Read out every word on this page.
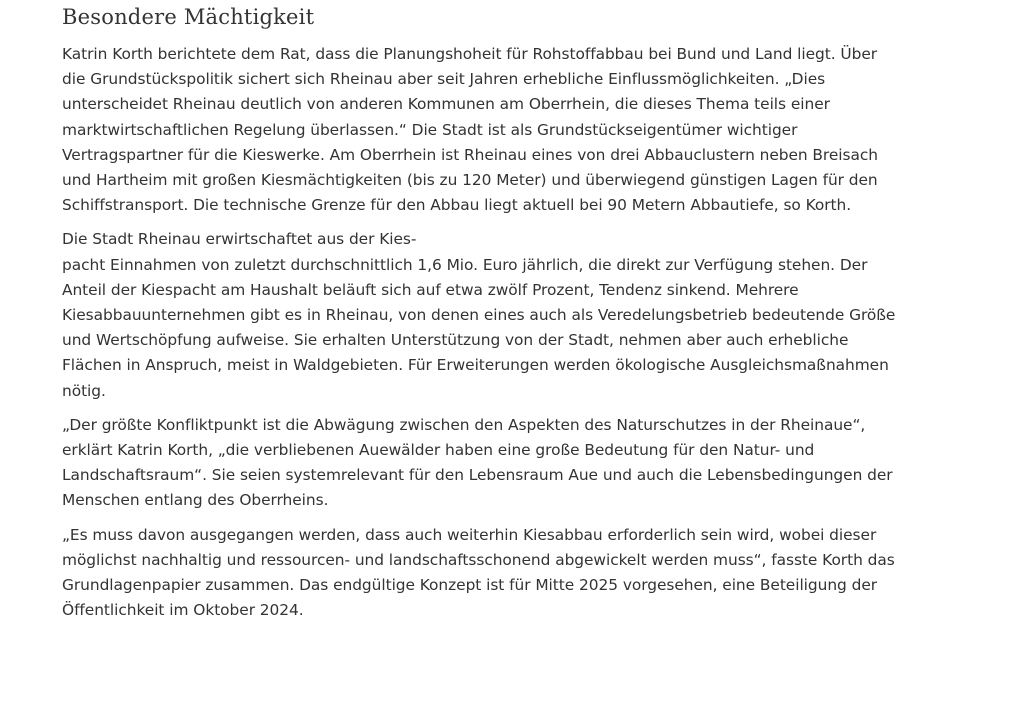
Besondere Mächtigkeit

Katrin Korth berichtete dem Rat, dass die Planungshoheit für Rohstoffabbau bei Bund und Land liegt. Über
die Grundstückspolitik sichert sich Rheinau aber seit Jahren erhebliche Einflussmöglichkeiten. „Dies
unterscheidet Rheinau deutlich von anderen Kommunen am Oberrhein, die dieses Thema teils einer
marktwirtschaftlichen Regelung überlassen.“ Die Stadt ist als Grundstückseigentümer wichtiger
Vertragspartner für die Kieswerke. Am Oberrhein ist Rheinau eines von drei Abbauclustern neben Breisach
und Hartheim mit großen Kiesmächtigkeiten (bis zu 120 Meter) und überwiegend günstigen Lagen für den
Schiffstransport. Die technische Grenze für den Abbau liegt aktuell bei 90 Metern Abbautiefe, so Korth.

Die Stadt Rheinau erwirtschaftet aus der Kies-
pacht Einnahmen von zuletzt durchschnittlich 1,6 Mio. Euro jährlich, die direkt zur Verfügung stehen. Der
Anteil der Kiespacht am Haushalt beläuft sich auf etwa zwölf Prozent, Tendenz sinkend. Mehrere
Kiesabbauunternehmen gibt es in Rheinau, von denen eines auch als Veredelungsbetrieb bedeutende Größe
und Wertschöpfung aufweise. Sie erhalten Unterstützung von der Stadt, nehmen aber auch erhebliche
Flächen in Anspruch, meist in Waldgebieten. Für Erweiterungen werden ökologische Ausgleichsmaßnahmen
nötig.

„Der größte Konfliktpunkt ist die Abwägung zwischen den Aspekten des Naturschutzes in der Rheinaue“,
erklärt Katrin Korth, „die verbliebenen Auewälder haben eine große Bedeutung für den Natur- und
Landschaftsraum“. Sie seien systemrelevant für den Lebensraum Aue und auch die Lebensbedingungen der
Menschen entlang des Oberrheins.

„Es muss davon ausgegangen werden, dass auch weiterhin Kiesabbau erforderlich sein wird, wobei dieser
möglichst nachhaltig und ressourcen- und landschaftsschonend abgewickelt werden muss“, fasste Korth das
Grundlagenpapier zusammen. Das endgültige Konzept ist für Mitte 2025 vorgesehen, eine Beteiligung der
Öffentlichkeit im Oktober 2024.
